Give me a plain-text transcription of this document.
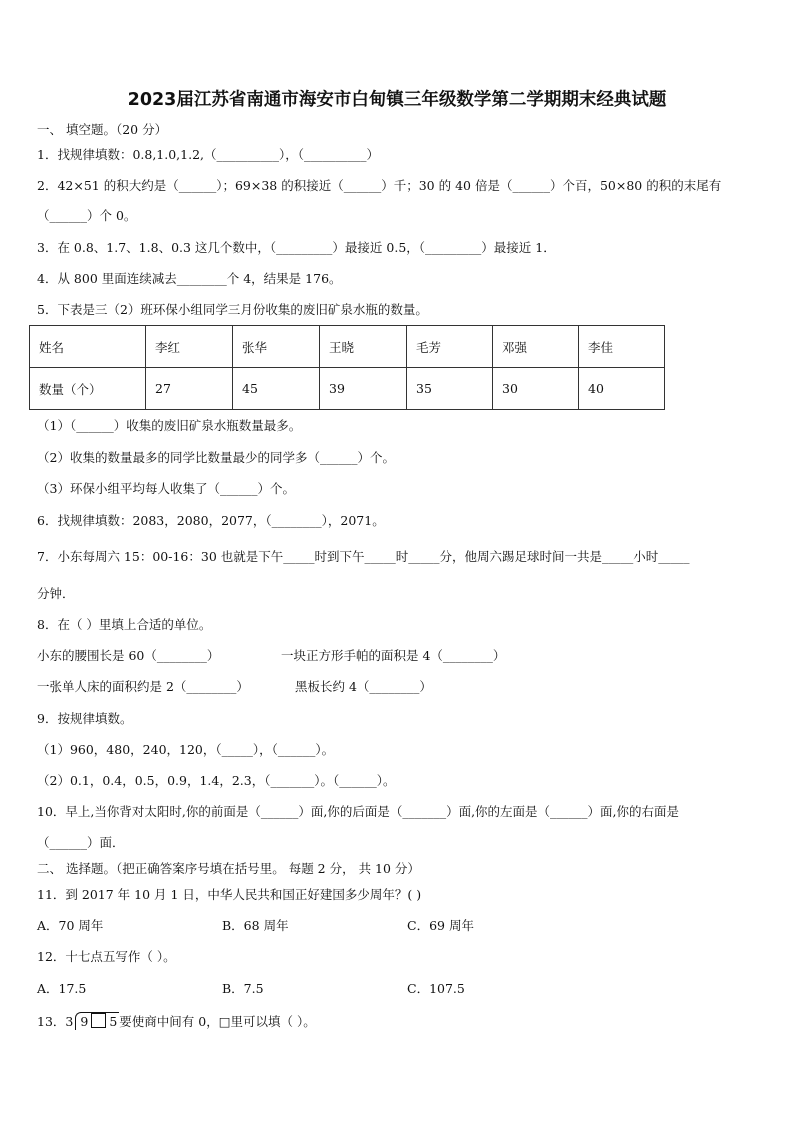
2023届江苏省南通市海安市白甸镇三年级数学第二学期期末经典试题
一、 填空题。（20 分）
1．找规律填数：0.8,1.0,1.2,（__________），（__________）
2．42×51 的积大约是（______）；69×38 的积接近（______）千；30 的 40 倍是（______）个百，50×80 的积的末尾有
（______）个 0。
3．在 0.8、1.7、1.8、0.3 这几个数中，（_________）最接近 0.5，（_________）最接近 1．
4．从 800 里面连续减去________个 4，结果是 176。
5．下表是三（2）班环保小组同学三月份收集的废旧矿泉水瓶的数量。
姓名	李红	张华	王晓	毛芳	邓强	李佳
数量（个）	27	45	39	35	30	40
（1）（______）收集的废旧矿泉水瓶数量最多。
（2）收集的数量最多的同学比数量最少的同学多（______）个。
（3）环保小组平均每人收集了（______）个。
6．找规律填数：2083，2080，2077，（________），2071。
7．小东每周六 15：00-16：30 也就是下午_____时到下午_____时_____分，他周六踢足球时间一共是_____小时_____
分钟．
8．在（ ）里填上合适的单位。
小东的腰围长是 60（________）	一块正方形手帕的面积是 4（________）
一张单人床的面积约是 2（________）	黑板长约 4（________）
9．按规律填数。
（1）960，480，240，120，（_____），（______）。
（2）0.1，0.4，0.5，0.9，1.4，2.3，（_______）。（______）。
10．早上,当你背对太阳时,你的前面是（______）面,你的后面是（_______）面,你的左面是（______）面,你的右面是
（______）面．
二、 选择题。（把正确答案序号填在括号里。 每题 2 分， 共 10 分）
11．到 2017 年 10 月 1 日，中华人民共和国正好建国多少周年？( )
A．70 周年	B．68 周年	C．69 周年
12．十七点五写作（ ）。
A．17.5	B．7.5	C．107.5
13．3 9 5 要使商中间有 0，□里可以填（ ）。
